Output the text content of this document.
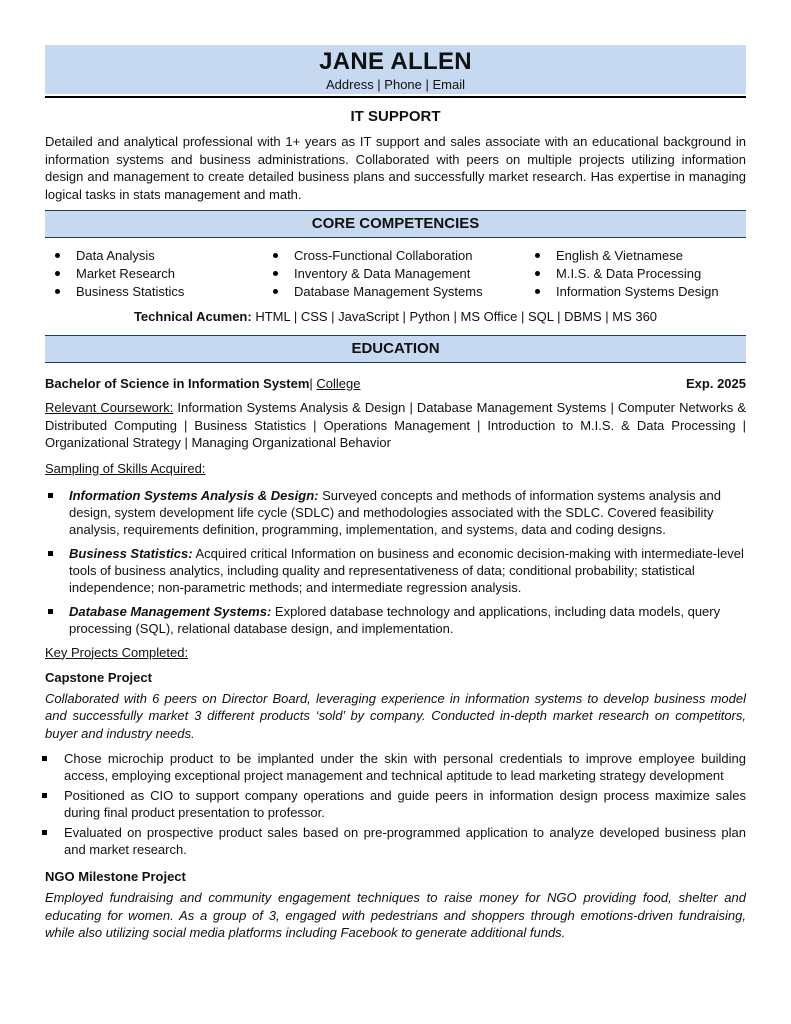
JANE ALLEN
Address | Phone | Email
IT SUPPORT
Detailed and analytical professional with 1+ years as IT support and sales associate with an educational background in information systems and business administrations. Collaborated with peers on multiple projects utilizing information design and management to create detailed business plans and successfully market research. Has expertise in managing logical tasks in stats management and math.
CORE COMPETENCIES
Data Analysis
Market Research
Business Statistics
Cross-Functional Collaboration
Inventory & Data Management
Database Management Systems
English & Vietnamese
M.I.S. & Data Processing
Information Systems Design
Technical Acumen: HTML | CSS | JavaScript | Python | MS Office | SQL | DBMS | MS 360
EDUCATION
Bachelor of Science in Information System| College	Exp. 2025
Relevant Coursework: Information Systems Analysis & Design | Database Management Systems | Computer Networks & Distributed Computing | Business Statistics | Operations Management | Introduction to M.I.S. & Data Processing | Organizational Strategy | Managing Organizational Behavior
Sampling of Skills Acquired:
Information Systems Analysis & Design: Surveyed concepts and methods of information systems analysis and design, system development life cycle (SDLC) and methodologies associated with the SDLC. Covered feasibility analysis, requirements definition, programming, implementation, and systems, data and coding designs.
Business Statistics: Acquired critical Information on business and economic decision-making with intermediate-level tools of business analytics, including quality and representativeness of data; conditional probability; statistical independence; non-parametric methods; and intermediate regression analysis.
Database Management Systems: Explored database technology and applications, including data models, query processing (SQL), relational database design, and implementation.
Key Projects Completed:
Capstone Project
Collaborated with 6 peers on Director Board, leveraging experience in information systems to develop business model and successfully market 3 different products ‘sold’ by company. Conducted in-depth market research on competitors, buyer and industry needs.
Chose microchip product to be implanted under the skin with personal credentials to improve employee building access, employing exceptional project management and technical aptitude to lead marketing strategy development
Positioned as CIO to support company operations and guide peers in information design process maximize sales during final product presentation to professor.
Evaluated on prospective product sales based on pre-programmed application to analyze developed business plan and market research.
NGO Milestone Project
Employed fundraising and community engagement techniques to raise money for NGO providing food, shelter and educating for women. As a group of 3, engaged with pedestrians and shoppers through emotions-driven fundraising, while also utilizing social media platforms including Facebook to generate additional funds.
